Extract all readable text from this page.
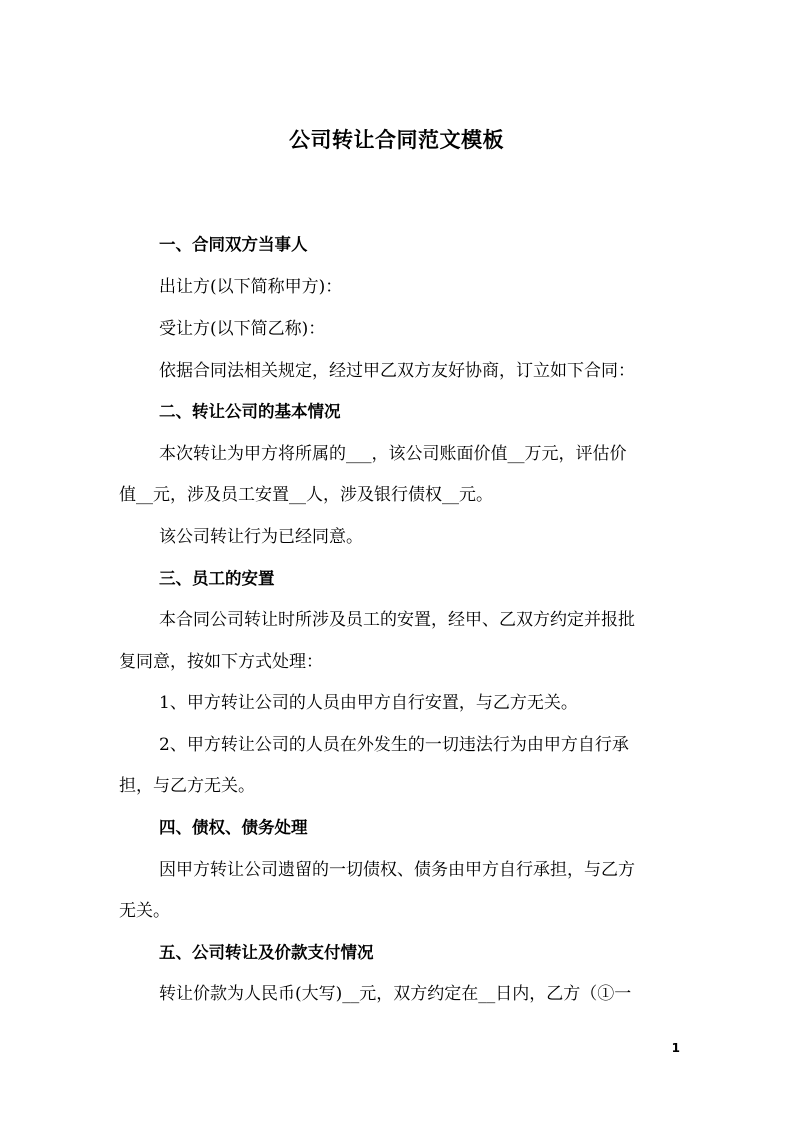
公司转让合同范文模板
一、合同双方当事人
出让方(以下简称甲方)：
受让方(以下简乙称)：
依据合同法相关规定，经过甲乙双方友好协商，订立如下合同：
二、转让公司的基本情况
本次转让为甲方将所属的___，该公司账面价值__万元，评估价
值__元，涉及员工安置__人，涉及银行债权__元。
该公司转让行为已经同意。
三、员工的安置
本合同公司转让时所涉及员工的安置，经甲、乙双方约定并报批
复同意，按如下方式处理：
1、甲方转让公司的人员由甲方自行安置，与乙方无关。
2、甲方转让公司的人员在外发生的一切违法行为由甲方自行承
担，与乙方无关。
四、债权、债务处理
因甲方转让公司遗留的一切债权、债务由甲方自行承担，与乙方
无关。
五、公司转让及价款支付情况
转让价款为人民币(大写)__元，双方约定在__日内，乙方（①一
1
